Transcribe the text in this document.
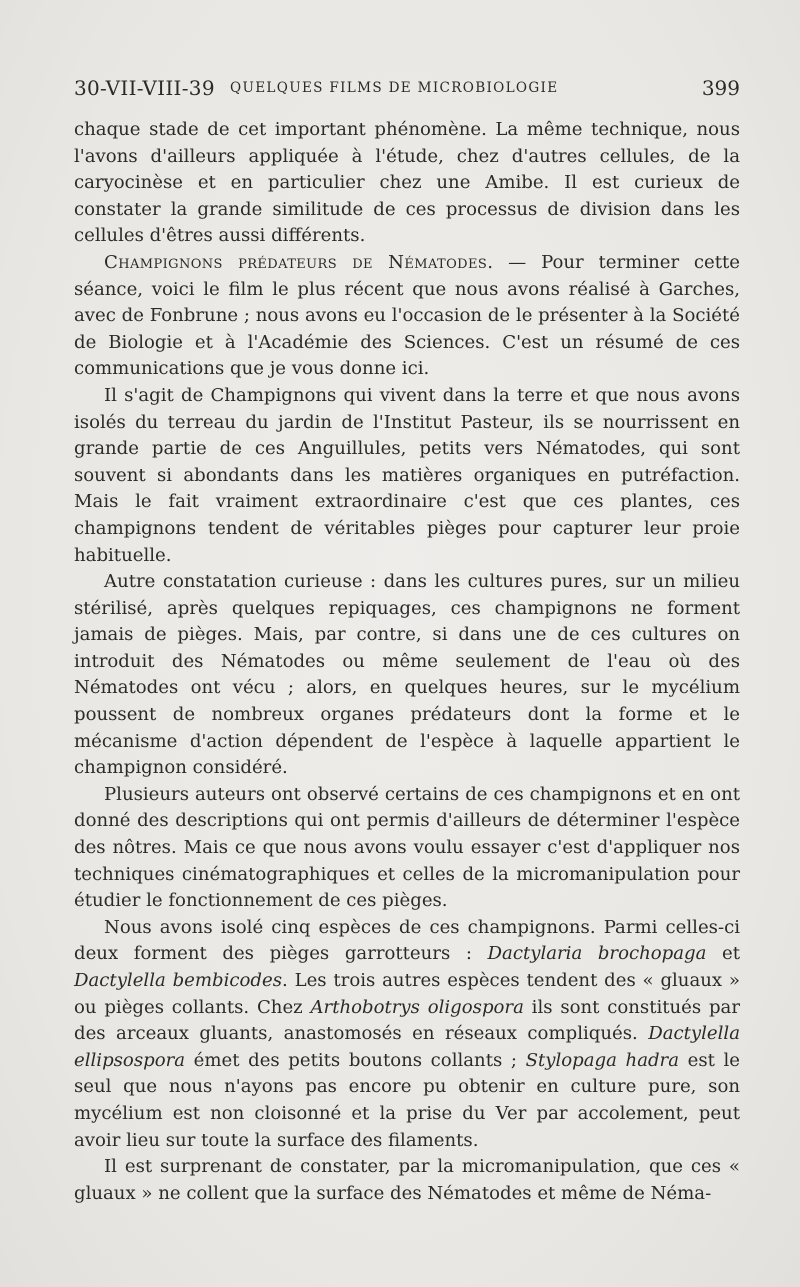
30-VII-VIII-39 QUELQUES FILMS DE MICROBIOLOGIE	399

chaque stade de cet important phénomène. La même technique, nous l'avons d'ailleurs appliquée à l'étude, chez d'autres cellules, de la caryocinèse et en particulier chez une Amibe. Il est curieux de constater la grande similitude de ces processus de division dans les cellules d'êtres aussi différents.

Champignons prédateurs de Nématodes. — Pour terminer cette séance, voici le film le plus récent que nous avons réalisé à Garches, avec de Fonbrune ; nous avons eu l'occasion de le présenter à la Société de Biologie et à l'Académie des Sciences. C'est un résumé de ces communications que je vous donne ici.

Il s'agit de Champignons qui vivent dans la terre et que nous avons isolés du terreau du jardin de l'Institut Pasteur, ils se nourrissent en grande partie de ces Anguillules, petits vers Nématodes, qui sont souvent si abondants dans les matières organiques en putréfaction. Mais le fait vraiment extraordinaire c'est que ces plantes, ces champignons tendent de véritables pièges pour capturer leur proie habituelle.

Autre constatation curieuse : dans les cultures pures, sur un milieu stérilisé, après quelques repiquages, ces champignons ne forment jamais de pièges. Mais, par contre, si dans une de ces cultures on introduit des Nématodes ou même seulement de l'eau où des Nématodes ont vécu ; alors, en quelques heures, sur le mycélium poussent de nombreux organes prédateurs dont la forme et le mécanisme d'action dépendent de l'espèce à laquelle appartient le champignon considéré.

Plusieurs auteurs ont observé certains de ces champignons et en ont donné des descriptions qui ont permis d'ailleurs de déterminer l'espèce des nôtres. Mais ce que nous avons voulu essayer c'est d'appliquer nos techniques cinématographiques et celles de la micromanipulation pour étudier le fonctionnement de ces pièges.

Nous avons isolé cinq espèces de ces champignons. Parmi celles-ci deux forment des pièges garrotteurs : Dactylaria brochopaga et Dactylella bembicodes. Les trois autres espèces tendent des « gluaux » ou pièges collants. Chez Arthobotrys oligospora ils sont constitués par des arceaux gluants, anastomosés en réseaux compliqués. Dactylella ellipsospora émet des petits boutons collants ; Stylopaga hadra est le seul que nous n'ayons pas encore pu obtenir en culture pure, son mycélium est non cloisonné et la prise du Ver par accolement, peut avoir lieu sur toute la surface des filaments.

Il est surprenant de constater, par la micromanipulation, que ces « gluaux » ne collent que la surface des Nématodes et même de Néma-
